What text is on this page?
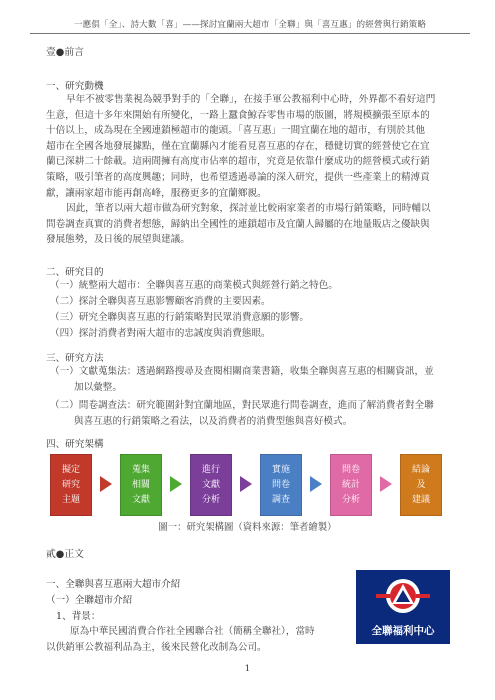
一應俱「全」、詩大數「喜」——探討宜蘭兩大超市「全聯」與「喜互惠」的經營與行銷策略
壹●前言
一、研究動機
早年不被零售業視為競爭對手的「全聯」，在接手軍公教福利中心時，外界都不看好這門
生意，但這十多年來開始有所變化，一路上蠶食鯨吞零售市場的版圖，將規模擴張至原本的
十倍以上，成為現在全國連鎖極超市的龍頭。「喜互惠」一間宜蘭在地的超市，有別於其他
超市在全國各地發展據點，僅在宜蘭縣內才能看見喜互惠的存在，穩健切實的經營使它在宜
蘭已深耕二十餘載。這兩間擁有高度市佔率的超市，究竟是依靠什麼成功的經營模式或行銷
策略，吸引筆者的高度興趣；同時，也希望透過尋論的深入研究，提供一些產業上的精溥貢
獻，讓兩家超市能再創高峰，服務更多的宜蘭鄉親。
因此，筆者以兩大超市做為研究對象，探討並比較兩家業者的市場行銷策略，同時輔以
問卷調查真實的消費者想態，歸納出全國性的連鎖超市及宜蘭人歸屬的在地量販店之優缺與
發展態勢，及日後的展望與建議。
二、研究目的
（一）統整兩大超市：全聯與喜互惠的商業模式與經營行銷之特色。
（二）探討全聯與喜互惠影響顧客消費的主要因素。
（三）研究全聯與喜互惠的行銷策略對民眾消費意願的影響。
（四）探討消費者對兩大超市的忠誠度與消費態眼。
三、研究方法
（一）文獻蒐集法：透過網路搜尋及查閱相關商業書籍，收集全聯與喜互惠的相關資訊，並
加以彙整。
（二）問卷調查法：研究範圍針對宜蘭地區，對民眾進行問卷調查，進而了解消費者對全聯
與喜互惠的行銷策略之看法，以及消費者的消費型態與喜好模式。
四、研究架構
擬定
研究
主題
蒐集
相關
文獻
進行
文獻
分析
實施
問卷
調查
問卷
統計
分析
結論
及
建議
圖一：研究架構圖（資料來源：筆者繪製）
貳●正文
一、全聯與喜互惠兩大超市介紹
（一）全聯超市介紹
1、背景：
原為中華民國消費合作社全國聯合社（簡稱全聯社），當時
以供銷軍公教福利品為主，後來民營化改制為公司。
全聯福利中心
1
